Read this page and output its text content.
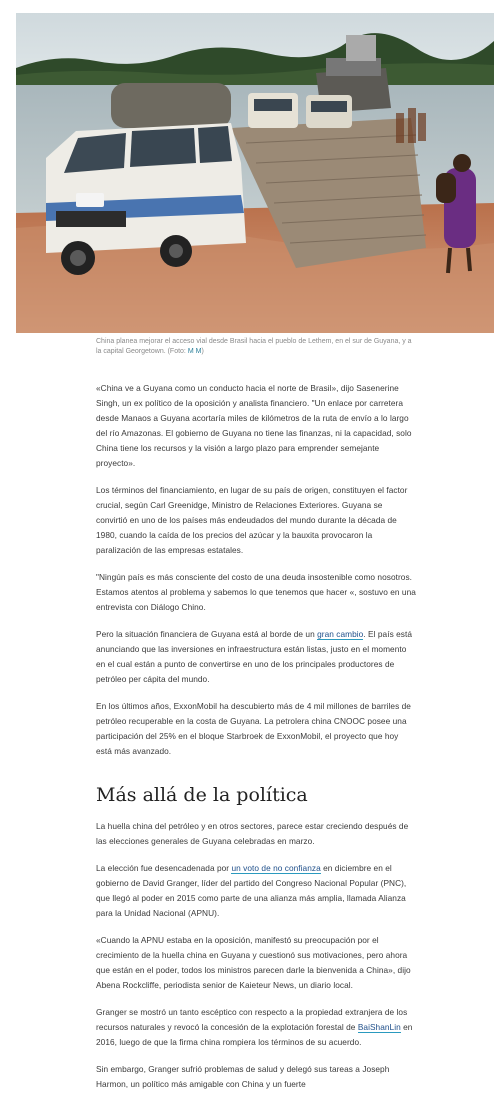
China planea mejorar el acceso vial desde Brasil hacia el pueblo de Lethem, en el sur de Guyana, y a la capital Georgetown. (Foto: M M)

«China ve a Guyana como un conducto hacia el norte de Brasil», dijo Sasenerine Singh, un ex político de la oposición y analista financiero. "Un enlace por carretera desde Manaos a Guyana acortaría miles de kilómetros de la ruta de envío a lo largo del río Amazonas. El gobierno de Guyana no tiene las finanzas, ni la capacidad, solo China tiene los recursos y la visión a largo plazo para emprender semejante proyecto».

Los términos del financiamiento, en lugar de su país de origen, constituyen el factor crucial, según Carl Greenidge, Ministro de Relaciones Exteriores. Guyana se convirtió en uno de los países más endeudados del mundo durante la década de 1980, cuando la caída de los precios del azúcar y la bauxita provocaron la paralización de las empresas estatales.

"Ningún país es más consciente del costo de una deuda insostenible como nosotros. Estamos atentos al problema y sabemos lo que tenemos que hacer «, sostuvo en una entrevista con Diálogo Chino.

Pero la situación financiera de Guyana está al borde de un gran cambio. El país está anunciando que las inversiones en infraestructura están listas, justo en el momento en el cual están a punto de convertirse en uno de los principales productores de petróleo per cápita del mundo.

En los últimos años, ExxonMobil ha descubierto más de 4 mil millones de barriles de petróleo recuperable en la costa de Guyana. La petrolera china CNOOC posee una participación del 25% en el bloque Starbroek de ExxonMobil, el proyecto que hoy está más avanzado.

Más allá de la política

La huella china del petróleo y en otros sectores, parece estar creciendo después de las elecciones generales de Guyana celebradas en marzo.

La elección fue desencadenada por un voto de no confianza en diciembre en el gobierno de David Granger, líder del partido del Congreso Nacional Popular (PNC), que llegó al poder en 2015 como parte de una alianza más amplia, llamada Alianza para la Unidad Nacional (APNU).

«Cuando la APNU estaba en la oposición, manifestó su preocupación por el crecimiento de la huella china en Guyana y cuestionó sus motivaciones, pero ahora que están en el poder, todos los ministros parecen darle la bienvenida a China», dijo Abena Rockcliffe, periodista senior de Kaieteur News, un diario local.

Granger se mostró un tanto escéptico con respecto a la propiedad extranjera de los recursos naturales y revocó la concesión de la explotación forestal de BaiShanLin en 2016, luego de que la firma china rompiera los términos de su acuerdo.

Sin embargo, Granger sufrió problemas de salud y delegó sus tareas a Joseph Harmon, un político más amigable con China y un fuerte
